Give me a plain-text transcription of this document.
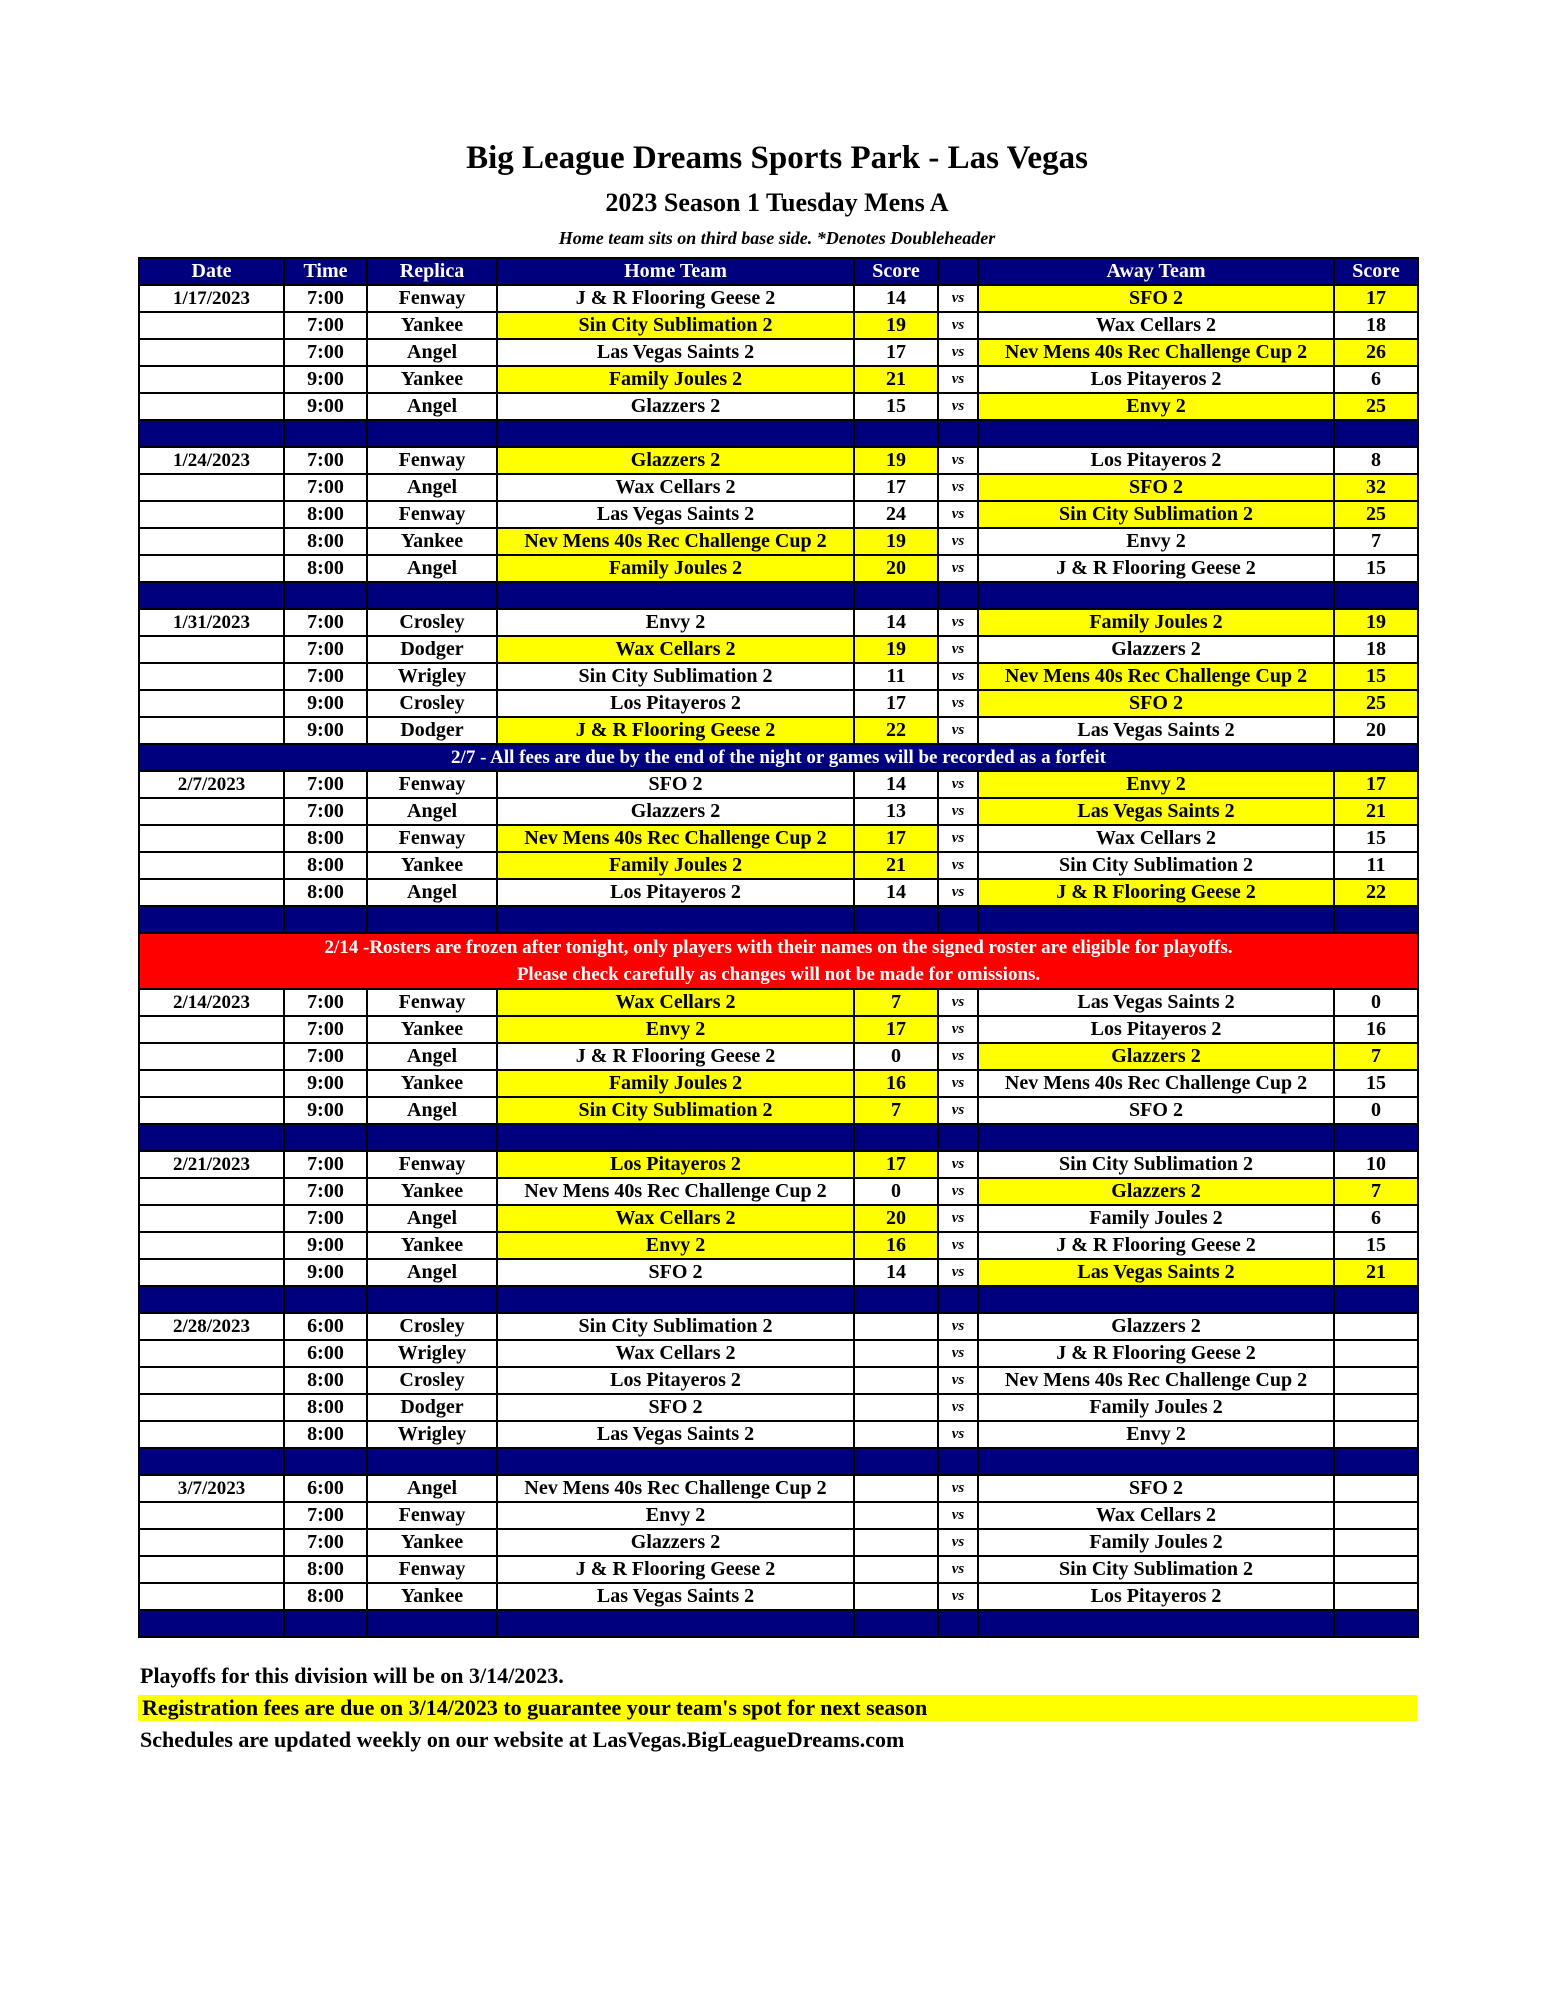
Big League Dreams Sports Park - Las Vegas
2023 Season 1 Tuesday Mens A
Home team sits on third base side. *Denotes Doubleheader
Date	Time	Replica	Home Team	Score		Away Team	Score
1/17/2023	7:00	Fenway	J & R Flooring Geese 2	14	vs	SFO 2	17
	7:00	Yankee	Sin City Sublimation 2	19	vs	Wax Cellars 2	18
	7:00	Angel	Las Vegas Saints 2	17	vs	Nev Mens 40s Rec Challenge Cup 2	26
	9:00	Yankee	Family Joules 2	21	vs	Los Pitayeros 2	6
	9:00	Angel	Glazzers 2	15	vs	Envy 2	25

1/24/2023	7:00	Fenway	Glazzers 2	19	vs	Los Pitayeros 2	8
	7:00	Angel	Wax Cellars 2	17	vs	SFO 2	32
	8:00	Fenway	Las Vegas Saints 2	24	vs	Sin City Sublimation 2	25
	8:00	Yankee	Nev Mens 40s Rec Challenge Cup 2	19	vs	Envy 2	7
	8:00	Angel	Family Joules 2	20	vs	J & R Flooring Geese 2	15

1/31/2023	7:00	Crosley	Envy 2	14	vs	Family Joules 2	19
	7:00	Dodger	Wax Cellars 2	19	vs	Glazzers 2	18
	7:00	Wrigley	Sin City Sublimation 2	11	vs	Nev Mens 40s Rec Challenge Cup 2	15
	9:00	Crosley	Los Pitayeros 2	17	vs	SFO 2	25
	9:00	Dodger	J & R Flooring Geese 2	22	vs	Las Vegas Saints 2	20
2/7 - All fees are due by the end of the night or games will be recorded as a forfeit							
2/7/2023	7:00	Fenway	SFO 2	14	vs	Envy 2	17
	7:00	Angel	Glazzers 2	13	vs	Las Vegas Saints 2	21
	8:00	Fenway	Nev Mens 40s Rec Challenge Cup 2	17	vs	Wax Cellars 2	15
	8:00	Yankee	Family Joules 2	21	vs	Sin City Sublimation 2	11
	8:00	Angel	Los Pitayeros 2	14	vs	J & R Flooring Geese 2	22

2/14 -Rosters are frozen after tonight, only players with their names on the signed roster are eligible for playoffs.
Please check carefully as changes will not be made for omissions.							

2/14/2023	7:00	Fenway	Wax Cellars 2	7	vs	Las Vegas Saints 2	0
	7:00	Yankee	Envy 2	17	vs	Los Pitayeros 2	16
	7:00	Angel	J & R Flooring Geese 2	0	vs	Glazzers 2	7
	9:00	Yankee	Family Joules 2	16	vs	Nev Mens 40s Rec Challenge Cup 2	15
	9:00	Angel	Sin City Sublimation 2	7	vs	SFO 2	0

2/21/2023	7:00	Fenway	Los Pitayeros 2	17	vs	Sin City Sublimation 2	10
	7:00	Yankee	Nev Mens 40s Rec Challenge Cup 2	0	vs	Glazzers 2	7
	7:00	Angel	Wax Cellars 2	20	vs	Family Joules 2	6
	9:00	Yankee	Envy 2	16	vs	J & R Flooring Geese 2	15
	9:00	Angel	SFO 2	14	vs	Las Vegas Saints 2	21

2/28/2023	6:00	Crosley	Sin City Sublimation 2		vs	Glazzers 2	
	6:00	Wrigley	Wax Cellars 2		vs	J & R Flooring Geese 2	
	8:00	Crosley	Los Pitayeros 2		vs	Nev Mens 40s Rec Challenge Cup 2	
	8:00	Dodger	SFO 2		vs	Family Joules 2	
	8:00	Wrigley	Las Vegas Saints 2		vs	Envy 2	

3/7/2023	6:00	Angel	Nev Mens 40s Rec Challenge Cup 2		vs	SFO 2	
	7:00	Fenway	Envy 2		vs	Wax Cellars 2	
	7:00	Yankee	Glazzers 2		vs	Family Joules 2	
	8:00	Fenway	J & R Flooring Geese 2		vs	Sin City Sublimation 2	
	8:00	Yankee	Las Vegas Saints 2		vs	Los Pitayeros 2	

Playoffs for this division will be on 3/14/2023.
Registration fees are due on 3/14/2023 to guarantee your team's spot for next season
Schedules are updated weekly on our website at LasVegas.BigLeagueDreams.com
